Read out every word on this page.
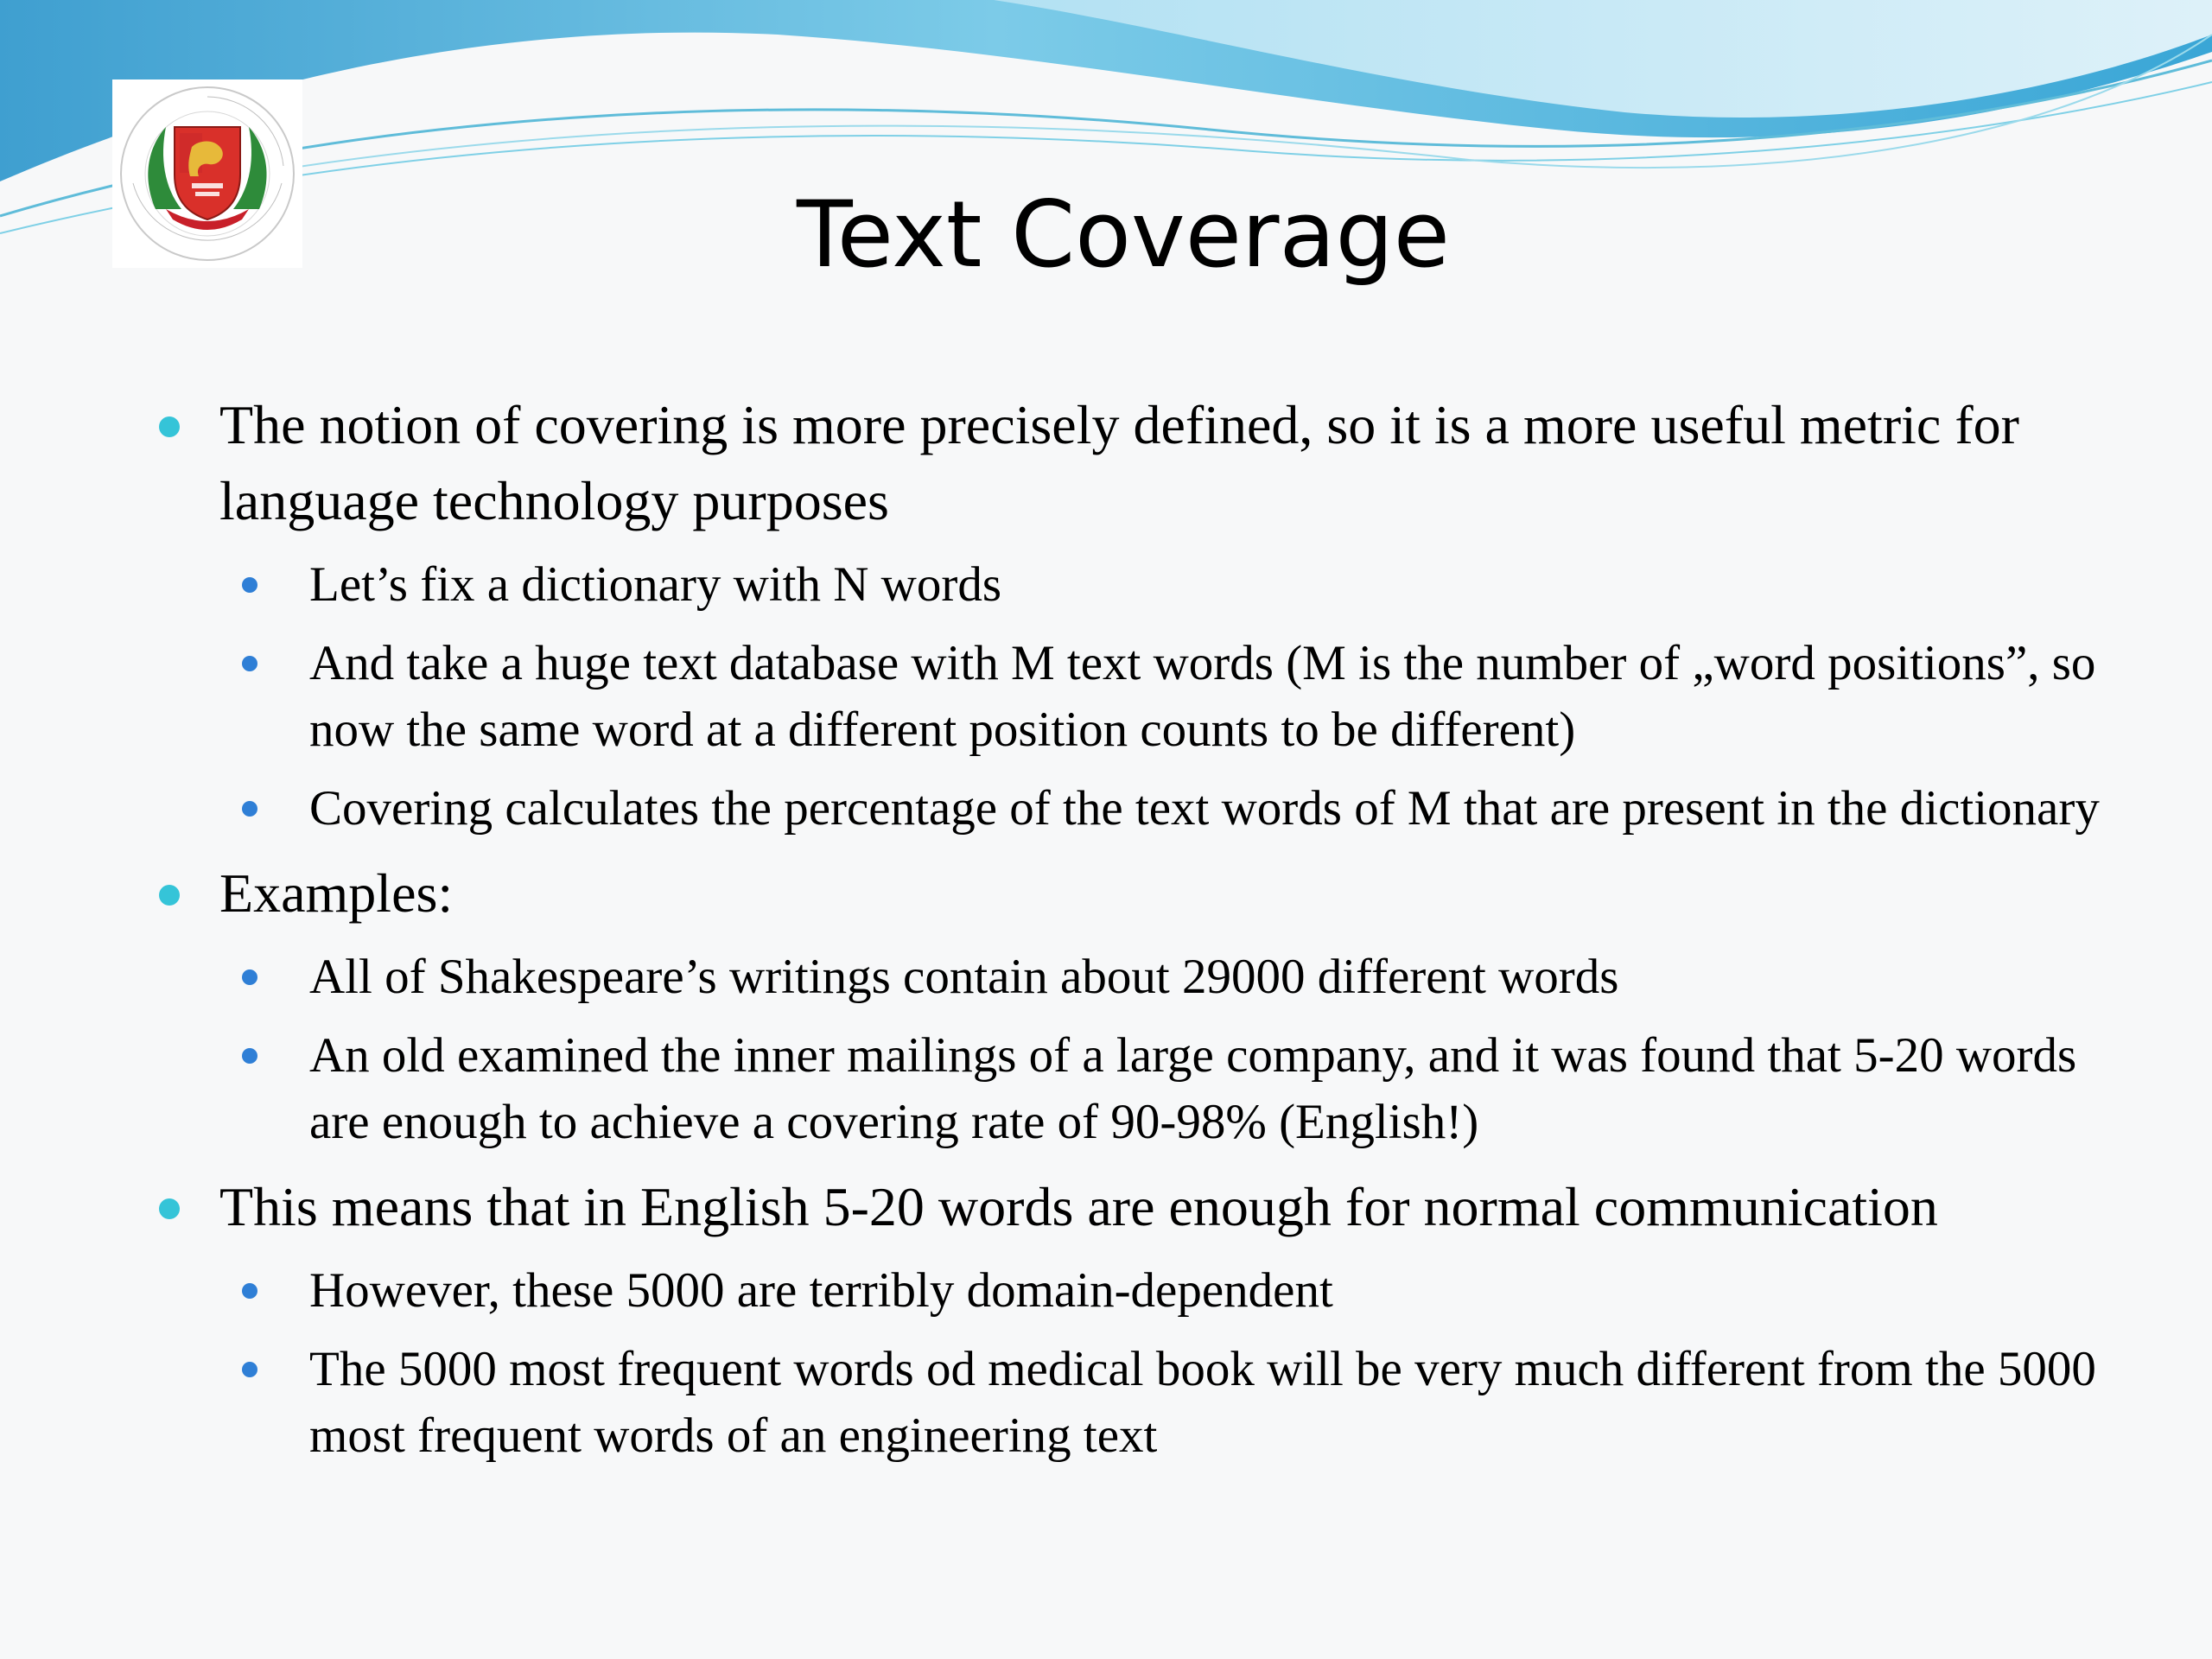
Text Coverage
The notion of covering is more precisely defined, so it is a more useful metric for language technology purposes
Let’s fix a dictionary with N words
And take a huge text database with M text words (M is the number of „word positions”, so now the same word at a different position counts to be different)
Covering calculates the percentage of the text words of M that are present in the dictionary
Examples:
All of Shakespeare’s writings contain about 29000 different words
An old examined the inner mailings of a large company, and it was found that 5-20 words are enough to achieve a covering rate of 90-98% (English!)
This means that in English 5-20 words are enough for normal communication
However, these 5000 are terribly domain-dependent
The 5000 most frequent words od medical book will be very much different from the 5000 most frequent words of an engineering text
